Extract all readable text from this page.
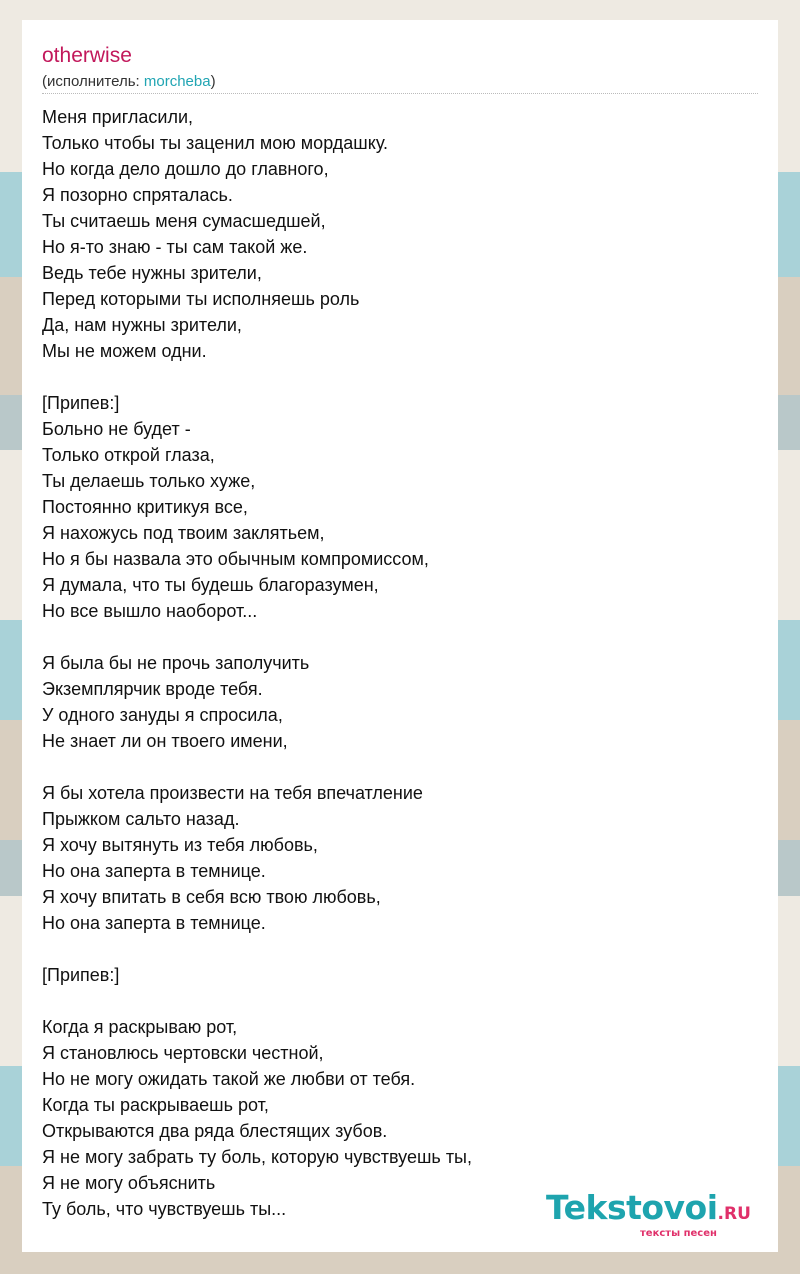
otherwise
(исполнитель: morcheba)
Меня пригласили,
Только чтобы ты заценил мою мордашку.
Но когда дело дошло до главного,
Я позорно спряталась.
Ты считаешь меня сумасшедшей,
Но я-то знаю - ты сам такой же.
Ведь тебе нужны зрители,
Перед которыми ты исполняешь роль
Да, нам нужны зрители,
Мы не можем одни.
[Припев:]
Больно не будет -
Только открой глаза,
Ты делаешь только хуже,
Постоянно критикуя все,
Я нахожусь под твоим заклятьем,
Но я бы назвала это обычным компромиссом,
Я думала, что ты будешь благоразумен,
Но все вышло наоборот...
Я была бы не прочь заполучить
Экземплярчик вроде тебя.
У одного зануды я спросила,
Не знает ли он твоего имени,
Я бы хотела произвести на тебя впечатление
Прыжком сальто назад.
Я хочу вытянуть из тебя любовь,
Но она заперта в темнице.
Я хочу впитать в себя всю твою любовь,
Но она заперта в темнице.
[Припев:]
Когда я раскрываю рот,
Я становлюсь чертовски честной,
Но не могу ожидать такой же любви от тебя.
Когда ты раскрываешь рот,
Открываются два ряда блестящих зубов.
Я не могу забрать ту боль, которую чувствуешь ты,
Я не могу объяснить
Ту боль, что чувствуешь ты...	Tekstovoi.RU
тексты песен
